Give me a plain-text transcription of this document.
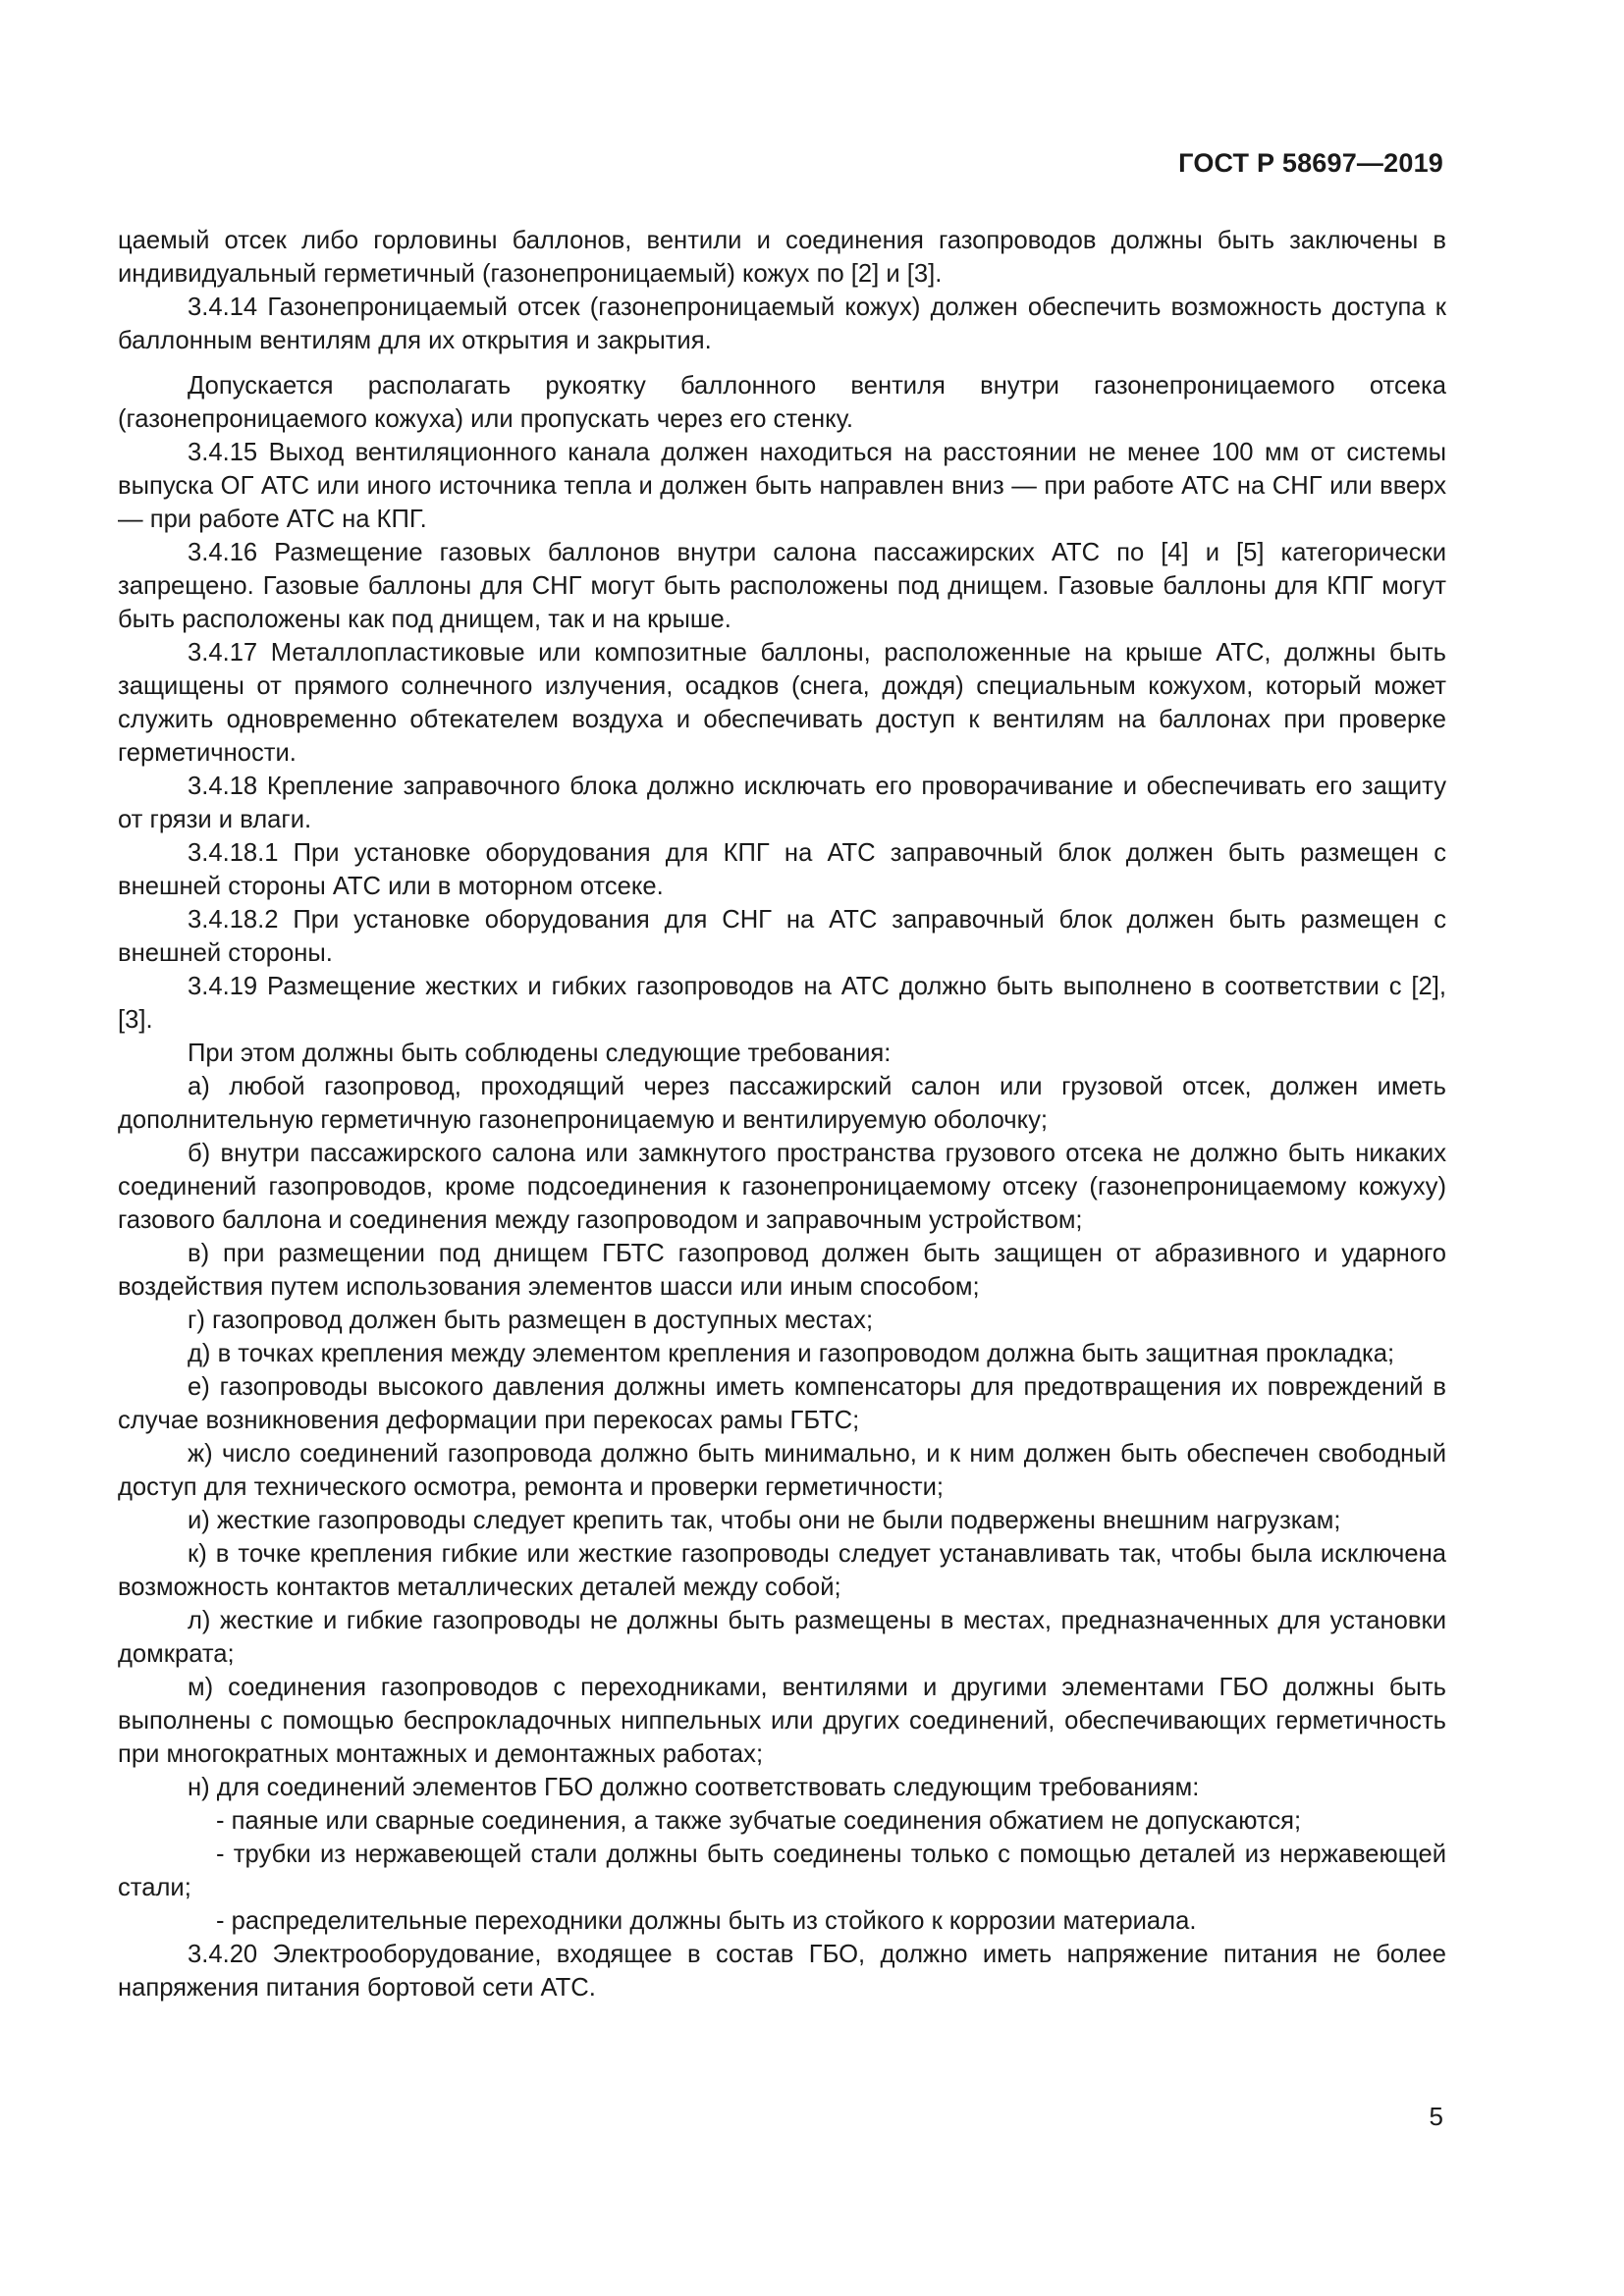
ГОСТ Р 58697—2019

цаемый отсек либо горловины баллонов, вентили и соединения газопроводов должны быть заключены в индивидуальный герметичный (газонепроницаемый) кожух по [2] и [3].

3.4.14 Газонепроницаемый отсек (газонепроницаемый кожух) должен обеспечить возможность доступа к баллонным вентилям для их открытия и закрытия.

Допускается располагать рукоятку баллонного вентиля внутри газонепроницаемого отсека (газонепроницаемого кожуха) или пропускать через его стенку.

3.4.15 Выход вентиляционного канала должен находиться на расстоянии не менее 100 мм от системы выпуска ОГ АТС или иного источника тепла и должен быть направлен вниз — при работе АТС на СНГ или вверх — при работе АТС на КПГ.

3.4.16 Размещение газовых баллонов внутри салона пассажирских АТС по [4] и [5] категорически запрещено. Газовые баллоны для СНГ могут быть расположены под днищем. Газовые баллоны для КПГ могут быть расположены как под днищем, так и на крыше.

3.4.17 Металлопластиковые или композитные баллоны, расположенные на крыше АТС, должны быть защищены от прямого солнечного излучения, осадков (снега, дождя) специальным кожухом, который может служить одновременно обтекателем воздуха и обеспечивать доступ к вентилям на баллонах при проверке герметичности.

3.4.18 Крепление заправочного блока должно исключать его проворачивание и обеспечивать его защиту от грязи и влаги.

3.4.18.1 При установке оборудования для КПГ на АТС заправочный блок должен быть размещен с внешней стороны АТС или в моторном отсеке.

3.4.18.2 При установке оборудования для СНГ на АТС заправочный блок должен быть размещен с внешней стороны.

3.4.19 Размещение жестких и гибких газопроводов на АТС должно быть выполнено в соответствии с [2], [3].

При этом должны быть соблюдены следующие требования:

а) любой газопровод, проходящий через пассажирский салон или грузовой отсек, должен иметь дополнительную герметичную газонепроницаемую и вентилируемую оболочку;

б) внутри пассажирского салона или замкнутого пространства грузового отсека не должно быть никаких соединений газопроводов, кроме подсоединения к газонепроницаемому отсеку (газонепроницаемому кожуху) газового баллона и соединения между газопроводом и заправочным устройством;

в) при размещении под днищем ГБТС газопровод должен быть защищен от абразивного и ударного воздействия путем использования элементов шасси или иным способом;

г) газопровод должен быть размещен в доступных местах;

д) в точках крепления между элементом крепления и газопроводом должна быть защитная прокладка;

е) газопроводы высокого давления должны иметь компенсаторы для предотвращения их повреждений в случае возникновения деформации при перекосах рамы ГБТС;

ж) число соединений газопровода должно быть минимально, и к ним должен быть обеспечен свободный доступ для технического осмотра, ремонта и проверки герметичности;

и) жесткие газопроводы следует крепить так, чтобы они не были подвержены внешним нагрузкам;

к) в точке крепления гибкие или жесткие газопроводы следует устанавливать так, чтобы была исключена возможность контактов металлических деталей между собой;

л) жесткие и гибкие газопроводы не должны быть размещены в местах, предназначенных для установки домкрата;

м) соединения газопроводов с переходниками, вентилями и другими элементами ГБО должны быть выполнены с помощью беспрокладочных ниппельных или других соединений, обеспечивающих герметичность при многократных монтажных и демонтажных работах;

н) для соединений элементов ГБО должно соответствовать следующим требованиям:

- паяные или сварные соединения, а также зубчатые соединения обжатием не допускаются;

- трубки из нержавеющей стали должны быть соединены только с помощью деталей из нержавеющей стали;

- распределительные переходники должны быть из стойкого к коррозии материала.

3.4.20 Электрооборудование, входящее в состав ГБО, должно иметь напряжение питания не более напряжения питания бортовой сети АТС.

5
